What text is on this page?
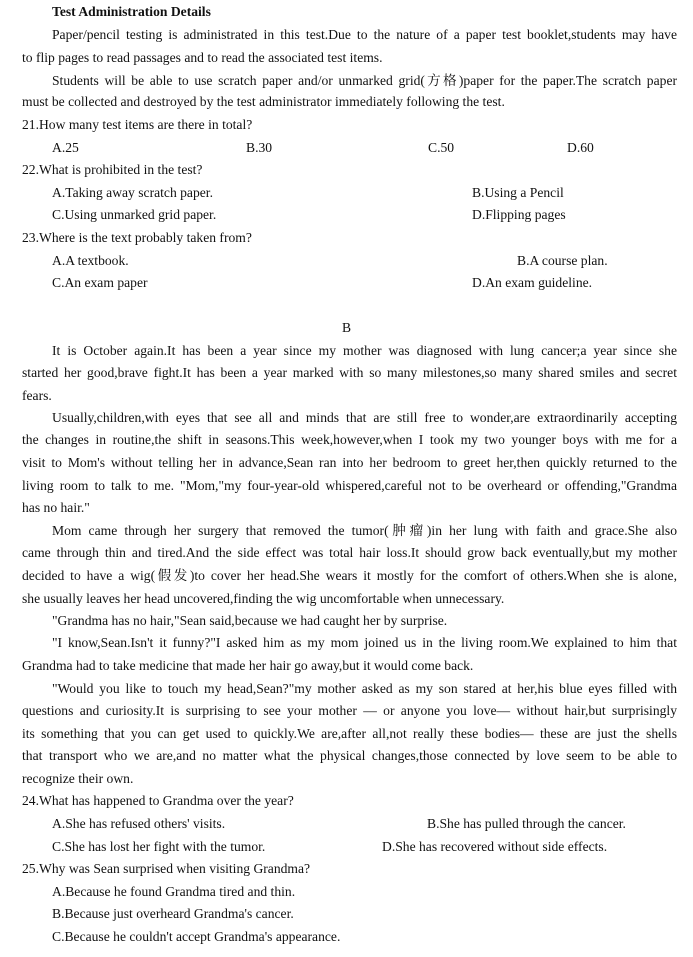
Test Administration Details
Paper/pencil testing is administrated in this test.Due to the nature of a paper test booklet,students may have
to flip pages to read passages and to read the associated test items.
Students will be able to use scratch paper and/or unmarked grid(方格)paper for the paper.The scratch paper
must be collected and destroyed by the test administrator immediately following the test.
21.How many test items are there in total?
A.25	B.30	C.50	D.60
22.What is prohibited in the test?
A.Taking away scratch paper.	B.Using a Pencil
C.Using unmarked grid paper.	D.Flipping pages
23.Where is the text probably taken from?
A.A textbook.	B.A course plan.
C.An exam paper	D.An exam guideline.
B
It is October again.It has been a year since my mother was diagnosed with lung cancer;a year since she
started her good,brave fight.It has been a year marked with so many milestones,so many shared smiles and secret
fears.
Usually,children,with eyes that see all and minds that are still free to wonder,are extraordinarily accepting
the changes in routine,the shift in seasons.This week,however,when I took my two younger boys with me for a
visit to Mom's without telling her in advance,Sean ran into her bedroom to greet her,then quickly returned to the
living room to talk to me. "Mom,"my four-year-old whispered,careful not to be overheard or offending,"Grandma
has no hair."
Mom came through her surgery that removed the tumor(肿瘤)in her lung with faith and grace.She also
came through thin and tired.And the side effect was total hair loss.It should grow back eventually,but my mother
decided to have a wig(假发)to cover her head.She wears it mostly for the comfort of others.When she is alone,
she usually leaves her head uncovered,finding the wig uncomfortable when unnecessary.
"Grandma has no hair,"Sean said,because we had caught her by surprise.
"I know,Sean.Isn't it funny?"I asked him as my mom joined us in the living room.We explained to him that
Grandma had to take medicine that made her hair go away,but it would come back.
"Would you like to touch my head,Sean?"my mother asked as my son stared at her,his blue eyes filled with
questions and curiosity.It is surprising to see your mother — or anyone you love— without hair,but surprisingly
its something that you can get used to quickly.We are,after all,not really these bodies— these are just the shells
that transport who we are,and no matter what the physical changes,those connected by love seem to be able to
recognize their own.
24.What has happened to Grandma over the year?
A.She has refused others' visits.	B.She has pulled through the cancer.
C.She has lost her fight with the tumor.	D.She has recovered without side effects.
25.Why was Sean surprised when visiting Grandma?
A.Because he found Grandma tired and thin.
B.Because just overheard Grandma's cancer.
C.Because he couldn't accept Grandma's appearance.
